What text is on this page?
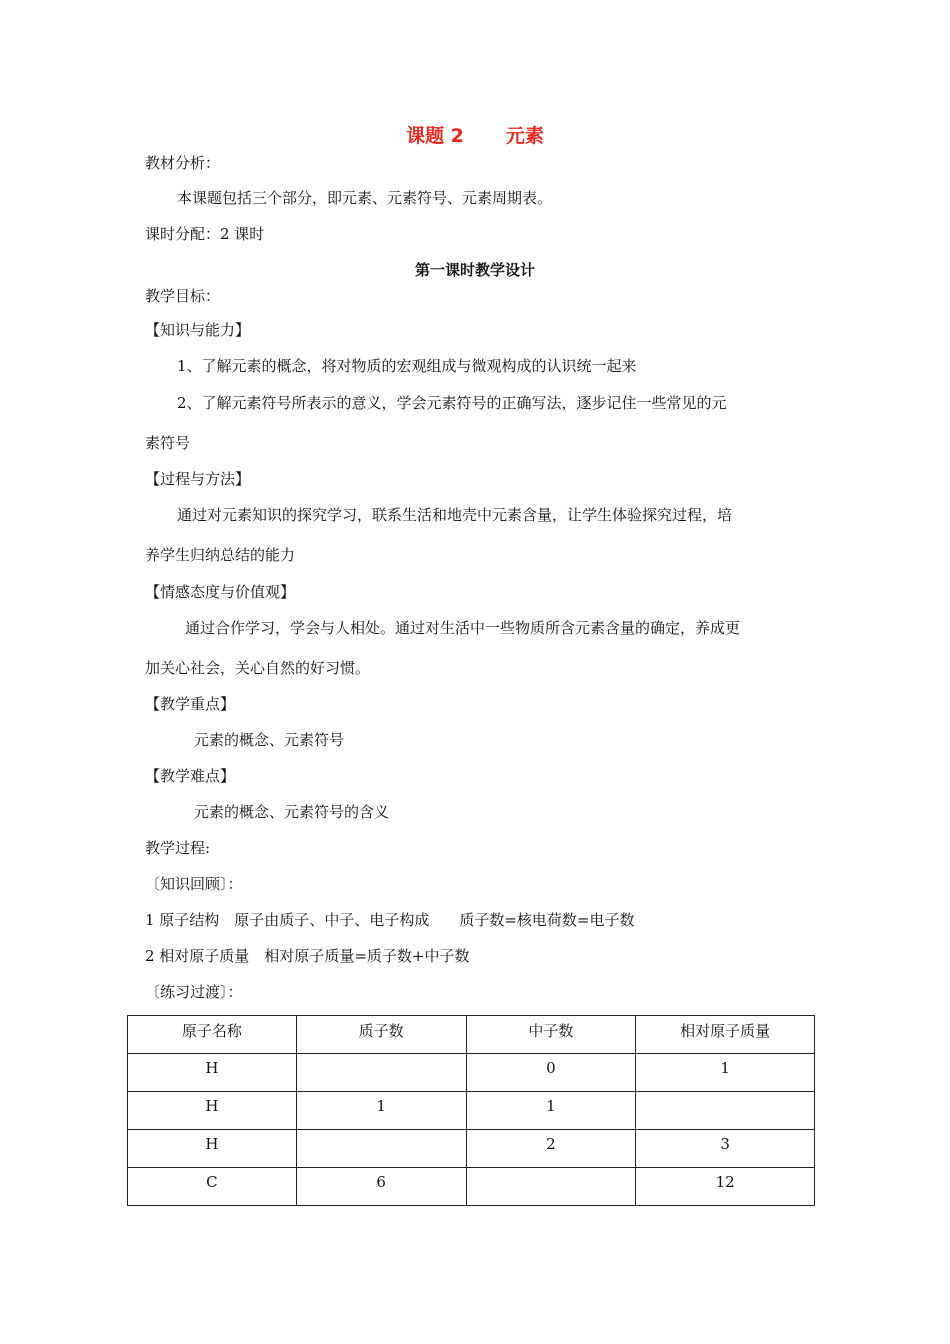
课题 2 元素
教材分析：
本课题包括三个部分，即元素、元素符号、元素周期表。
课时分配：2 课时
第一课时教学设计
教学目标：
【知识与能力】
1、了解元素的概念，将对物质的宏观组成与微观构成的认识统一起来
2、了解元素符号所表示的意义，学会元素符号的正确写法，逐步记住一些常见的元
素符号
【过程与方法】
通过对元素知识的探究学习，联系生活和地壳中元素含量，让学生体验探究过程，培
养学生归纳总结的能力
【情感态度与价值观】
通过合作学习，学会与人相处。通过对生活中一些物质所含元素含量的确定，养成更
加关心社会，关心自然的好习惯。
【教学重点】
元素的概念、元素符号
【教学难点】
元素的概念、元素符号的含义
教学过程:
〔知识回顾〕：
1 原子结构　原子由质子、中子、电子构成　　质子数=核电荷数=电子数
2 相对原子质量　相对原子质量=质子数+中子数
〔练习过渡〕：
原子名称	质子数	中子数	相对原子质量
H		0	1
H	1	1	
H		2	3
C	6		12
